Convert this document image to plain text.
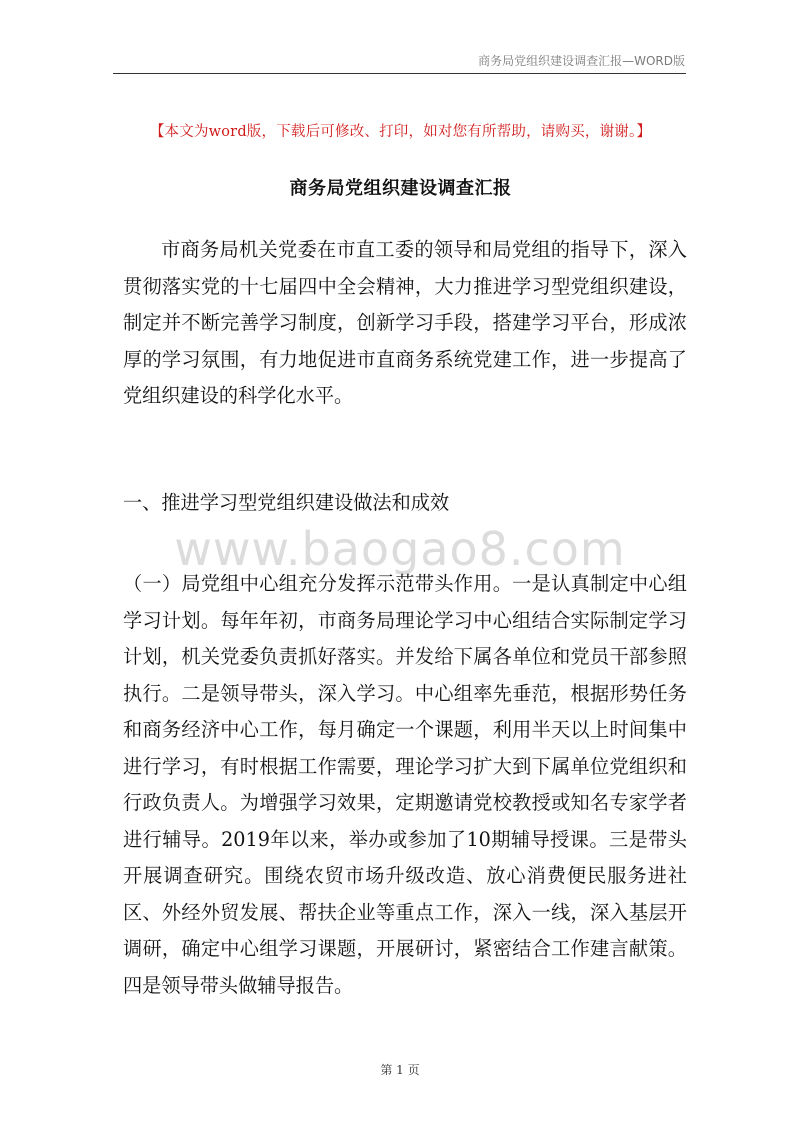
商务局党组织建设调查汇报—WORD版
【本文为word版，下载后可修改、打印，如对您有所帮助，请购买，谢谢。】
商务局党组织建设调查汇报
市商务局机关党委在市直工委的领导和局党组的指导下，深入贯彻落实党的十七届四中全会精神，大力推进学习型党组织建设，制定并不断完善学习制度，创新学习手段，搭建学习平台，形成浓厚的学习氛围，有力地促进市直商务系统党建工作，进一步提高了党组织建设的科学化水平。
一、推进学习型党组织建设做法和成效
www.baogao8.com
（一）局党组中心组充分发挥示范带头作用。一是认真制定中心组学习计划。每年年初，市商务局理论学习中心组结合实际制定学习计划，机关党委负责抓好落实。并发给下属各单位和党员干部参照执行。二是领导带头，深入学习。中心组率先垂范，根据形势任务和商务经济中心工作，每月确定一个课题，利用半天以上时间集中进行学习，有时根据工作需要，理论学习扩大到下属单位党组织和行政负责人。为增强学习效果，定期邀请党校教授或知名专家学者进行辅导。2019年以来，举办或参加了10期辅导授课。三是带头开展调查研究。围绕农贸市场升级改造、放心消费便民服务进社区、外经外贸发展、帮扶企业等重点工作，深入一线，深入基层开调研，确定中心组学习课题，开展研讨，紧密结合工作建言献策。四是领导带头做辅导报告。
第 1 页
